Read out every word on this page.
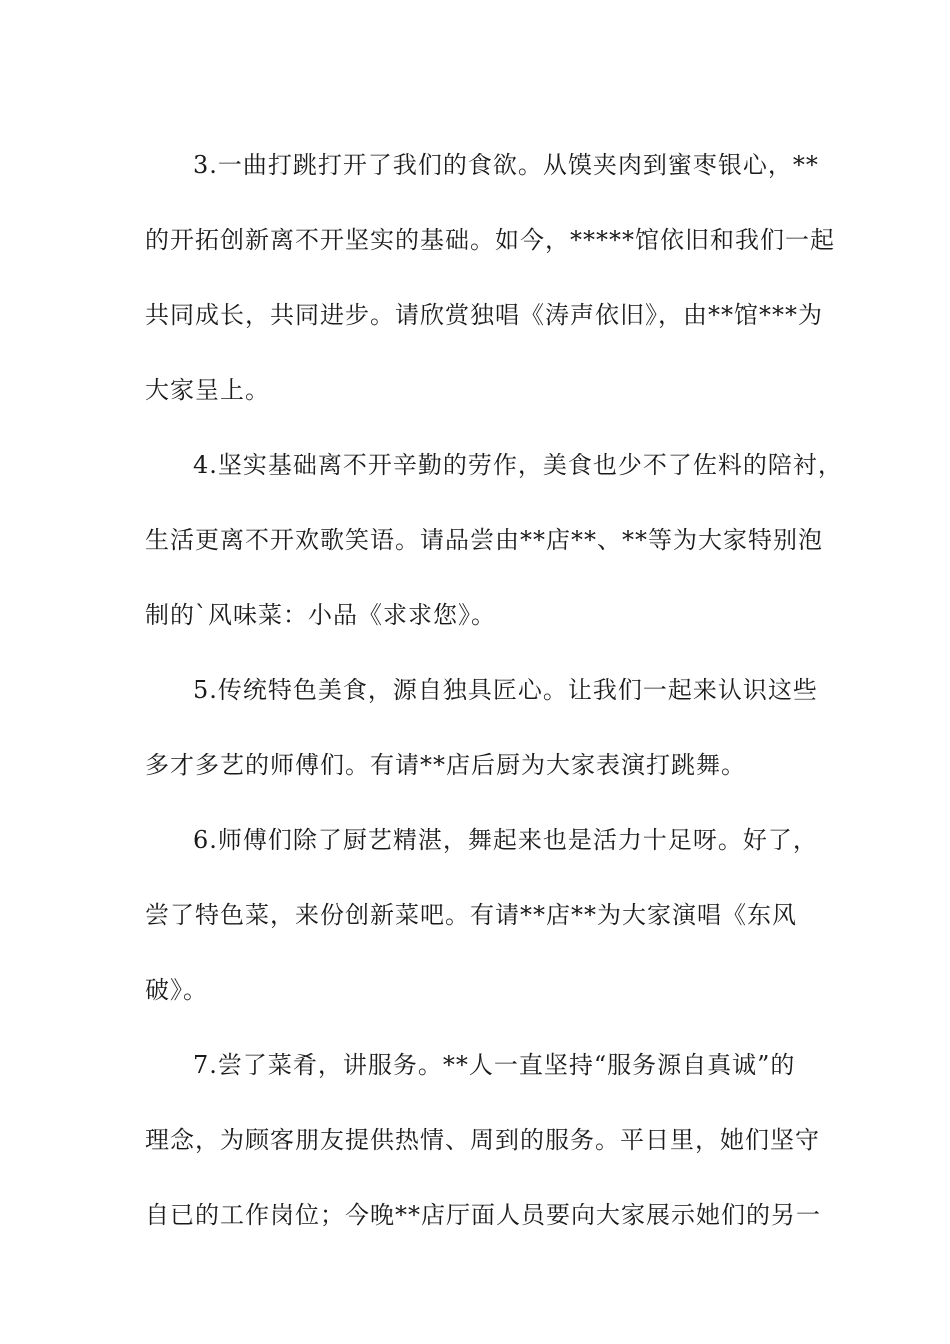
3.一曲打跳打开了我们的食欲。从馍夹肉到蜜枣银心，**
的开拓创新离不开坚实的基础。如今，*****馆依旧和我们一起
共同成长，共同进步。请欣赏独唱《涛声依旧》，由**馆***为
大家呈上。

4.坚实基础离不开辛勤的劳作，美食也少不了佐料的陪衬，
生活更离不开欢歌笑语。请品尝由**店**、**等为大家特别泡
制的`风味菜：小品《求求您》。

5.传统特色美食，源自独具匠心。让我们一起来认识这些
多才多艺的师傅们。有请**店后厨为大家表演打跳舞。

6.师傅们除了厨艺精湛，舞起来也是活力十足呀。好了，
尝了特色菜，来份创新菜吧。有请**店**为大家演唱《东风
破》。

7.尝了菜肴，讲服务。**人一直坚持“服务源自真诚”的
理念，为顾客朋友提供热情、周到的服务。平日里，她们坚守
自已的工作岗位；今晚**店厅面人员要向大家展示她们的另一
